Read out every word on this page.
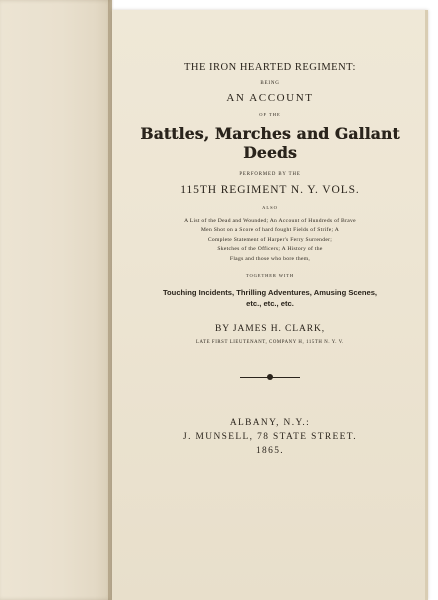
THE IRON HEARTED REGIMENT:
BEING
AN ACCOUNT
OF THE
Battles, Marches and Gallant Deeds
PERFORMED BY THE
115TH REGIMENT N. Y. VOLS.
ALSO
A List of the Dead and Wounded; An Account of Hundreds of Brave
Men Shot on a Score of hard fought Fields of Strife; A
Complete Statement of Harper's Ferry Surrender;
Sketches of the Officers; A History of the
Flags and those who bore them,
TOGETHER WITH
Touching Incidents, Thrilling Adventures, Amusing Scenes,
etc., etc., etc.
BY JAMES H. CLARK,
LATE FIRST LIEUTENANT, COMPANY H, 115TH N. Y. V.
ALBANY, N.Y.:
J. MUNSELL, 78 STATE STREET.
1865.
